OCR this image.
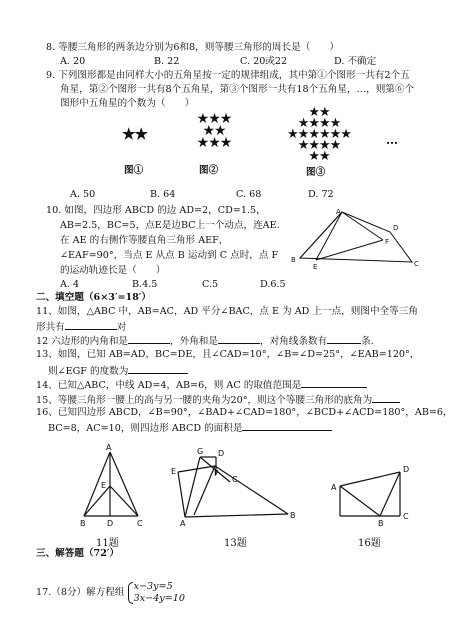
8. 等腰三角形的两条边分别为6和8，则等腰三角形的周长是（　　）
A. 20	B. 22	C. 20或22	D. 不确定
9. 下列图形都是由同样大小的五角星按一定的规律组成，其中第①个图形一共有2个五
角星，第②个图形一共有8个五角星，第③个图形一共有18个五角星，…，则第⑥个
图形中五角星的个数为（　　）
★★
★★★
★★
★★★
★★
★★★★
★★★★★★
★★★★
★★
…
图①	图②	图③
A. 50	B. 64	C. 68	D. 72
10. 如图，四边形 ABCD 的边 AD=2，CD=1.5，
AB=2.5，BC=5，点E是边BC上一个动点，连AE.
在 AE 的右侧作等腰直角三角形 AEF，
∠EAF=90°，当点 E 从点 B 运动到 C 点时，点 F
的运动轨迹长是（　　）
A
B	C
D
E
F
A. 4	B.4.5	C.5	D.6.5
二、填空题（6×3′=18′）
11、如图，△ABC 中，AB=AC，AD 平分∠BAC，点 E 为 AD 上一点，则图中全等三角
形共有	对
12 六边形的内角和是	，外角和是	，对角线条数有	条.
13、如图，已知 AB=AD，BC=DE，且∠CAD=10°，∠B=∠D=25°，∠EAB=120°，
则∠EGF 的度数为
14、已知△ABC，中线 AD=4，AB=6，则 AC 的取值范围是
15、等腰三角形一腰上的高与另一腰的夹角为20°，则这个等腰三角形的底角为
16、已知四边形 ABCD，∠B=90°，∠BAD+∠CAD=180°，∠BCD+∠ACD=180°，AB=6，
BC=8，AC=10，则四边形 ABCD 的面积是
A
E
B	D	C
G D
F
C
E
A
B
D
A
C
B
11题	13题	16题
三、解答题（72′）
17.（8分）解方程组
x−3y=5
3x−4y=10
